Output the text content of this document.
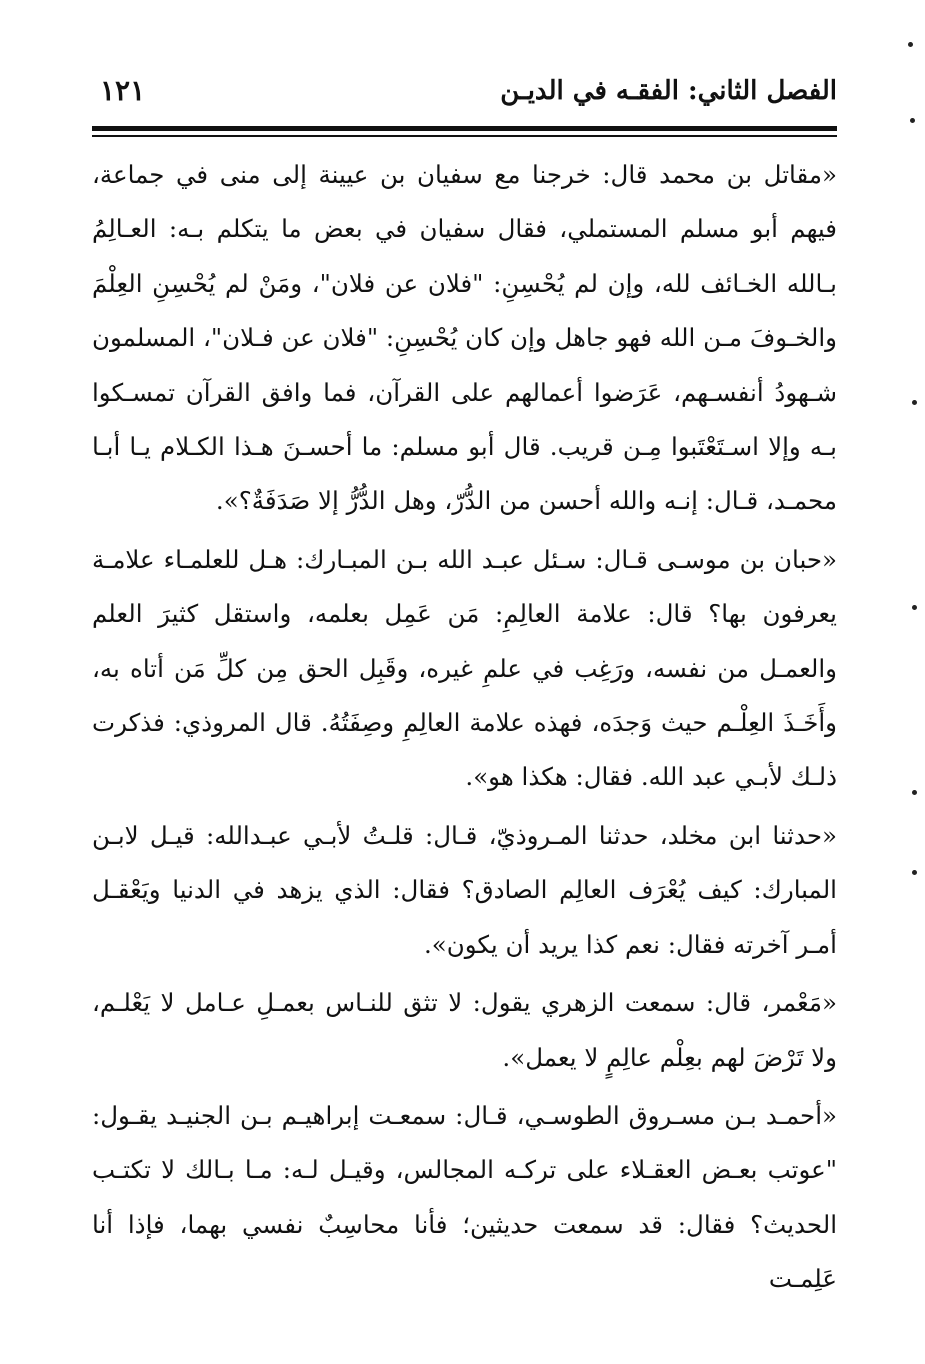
الفصل الثاني: الفقـه في الديـن
١٢١

«مقاتل بن محمد قال: خرجنا مع سفيان بن عيينة إلى منى في جماعة، فيهم أبو مسلم المستملي، فقال سفيان في بعض ما يتكلم بـه: العـالِمُ بـالله الخـائف لله، وإن لم يُحْسِنِ: "فلان عن فلان"، ومَنْ لم يُحْسِنِ العِلْمَ والخـوفَ مـن الله فهو جاهل وإن كان يُحْسِنِ: "فلان عن فـلان"، المسلمون شـهودُ أنفسـهم، عَرَضوا أعمالهم على القرآن، فما وافق القرآن تمسـكوا بـه وإلا اسـتَعْتَبوا مِـن قريب. قال أبو مسلم: ما أحسـنَ هـذا الكـلام يـا أبـا محمـد، قـال: إنـه والله أحسن من الدُّرّ، وهل الدُّرُّ إلا صَدَفَةٌ؟».

«حبان بن موسـى قـال: سـئل عبـد الله بـن المبـارك: هـل للعلمـاء علامـة يعرفون بها؟ قال: علامة العالِمِ: مَن عَمِل بعلمه، واستقل كثيرَ العلم والعمـل من نفسه، ورَغِب في علمِ غيره، وقَبِل الحق مِن كلِّ مَن أتاه به، وأَخَـذَ العِلْـم حيث وَجدَه، فهذه علامة العالِمِ وصِفَتُهُ. قال المروذي: فذكرت ذلـك لأبـي عبد الله. فقال: هكذا هو».

«حدثنا ابن مخلد، حدثنا المـروذيّ، قـال: قلـتُ لأبـي عبـدالله: قيـل لابـن المبارك: كيف يُعْرَف العالِم الصادق؟ فقال: الذي يزهد في الدنيا ويَعْقـل أمـر آخرته فقال: نعم كذا يريد أن يكون».

«مَعْمر، قال: سمعت الزهري يقول: لا تثق للنـاس بعمـلِ عـامل لا يَعْلـم، ولا تَرْضَ لهم بعِلْم عالِمٍ لا يعمل».

«أحمـد بـن مسـروق الطوسـي، قـال: سمعـت إبراهيـم بـن الجنيـد يقـول: "عوتب بعـض العقـلاء على تركـه المجالس، وقيـل لـه: مـا بـالك لا تكتـب الحديث؟ فقال: قد سمعت حديثين؛ فأنا محاسِبٌ نفسي بهما، فإذا أنا عَلِمـت
